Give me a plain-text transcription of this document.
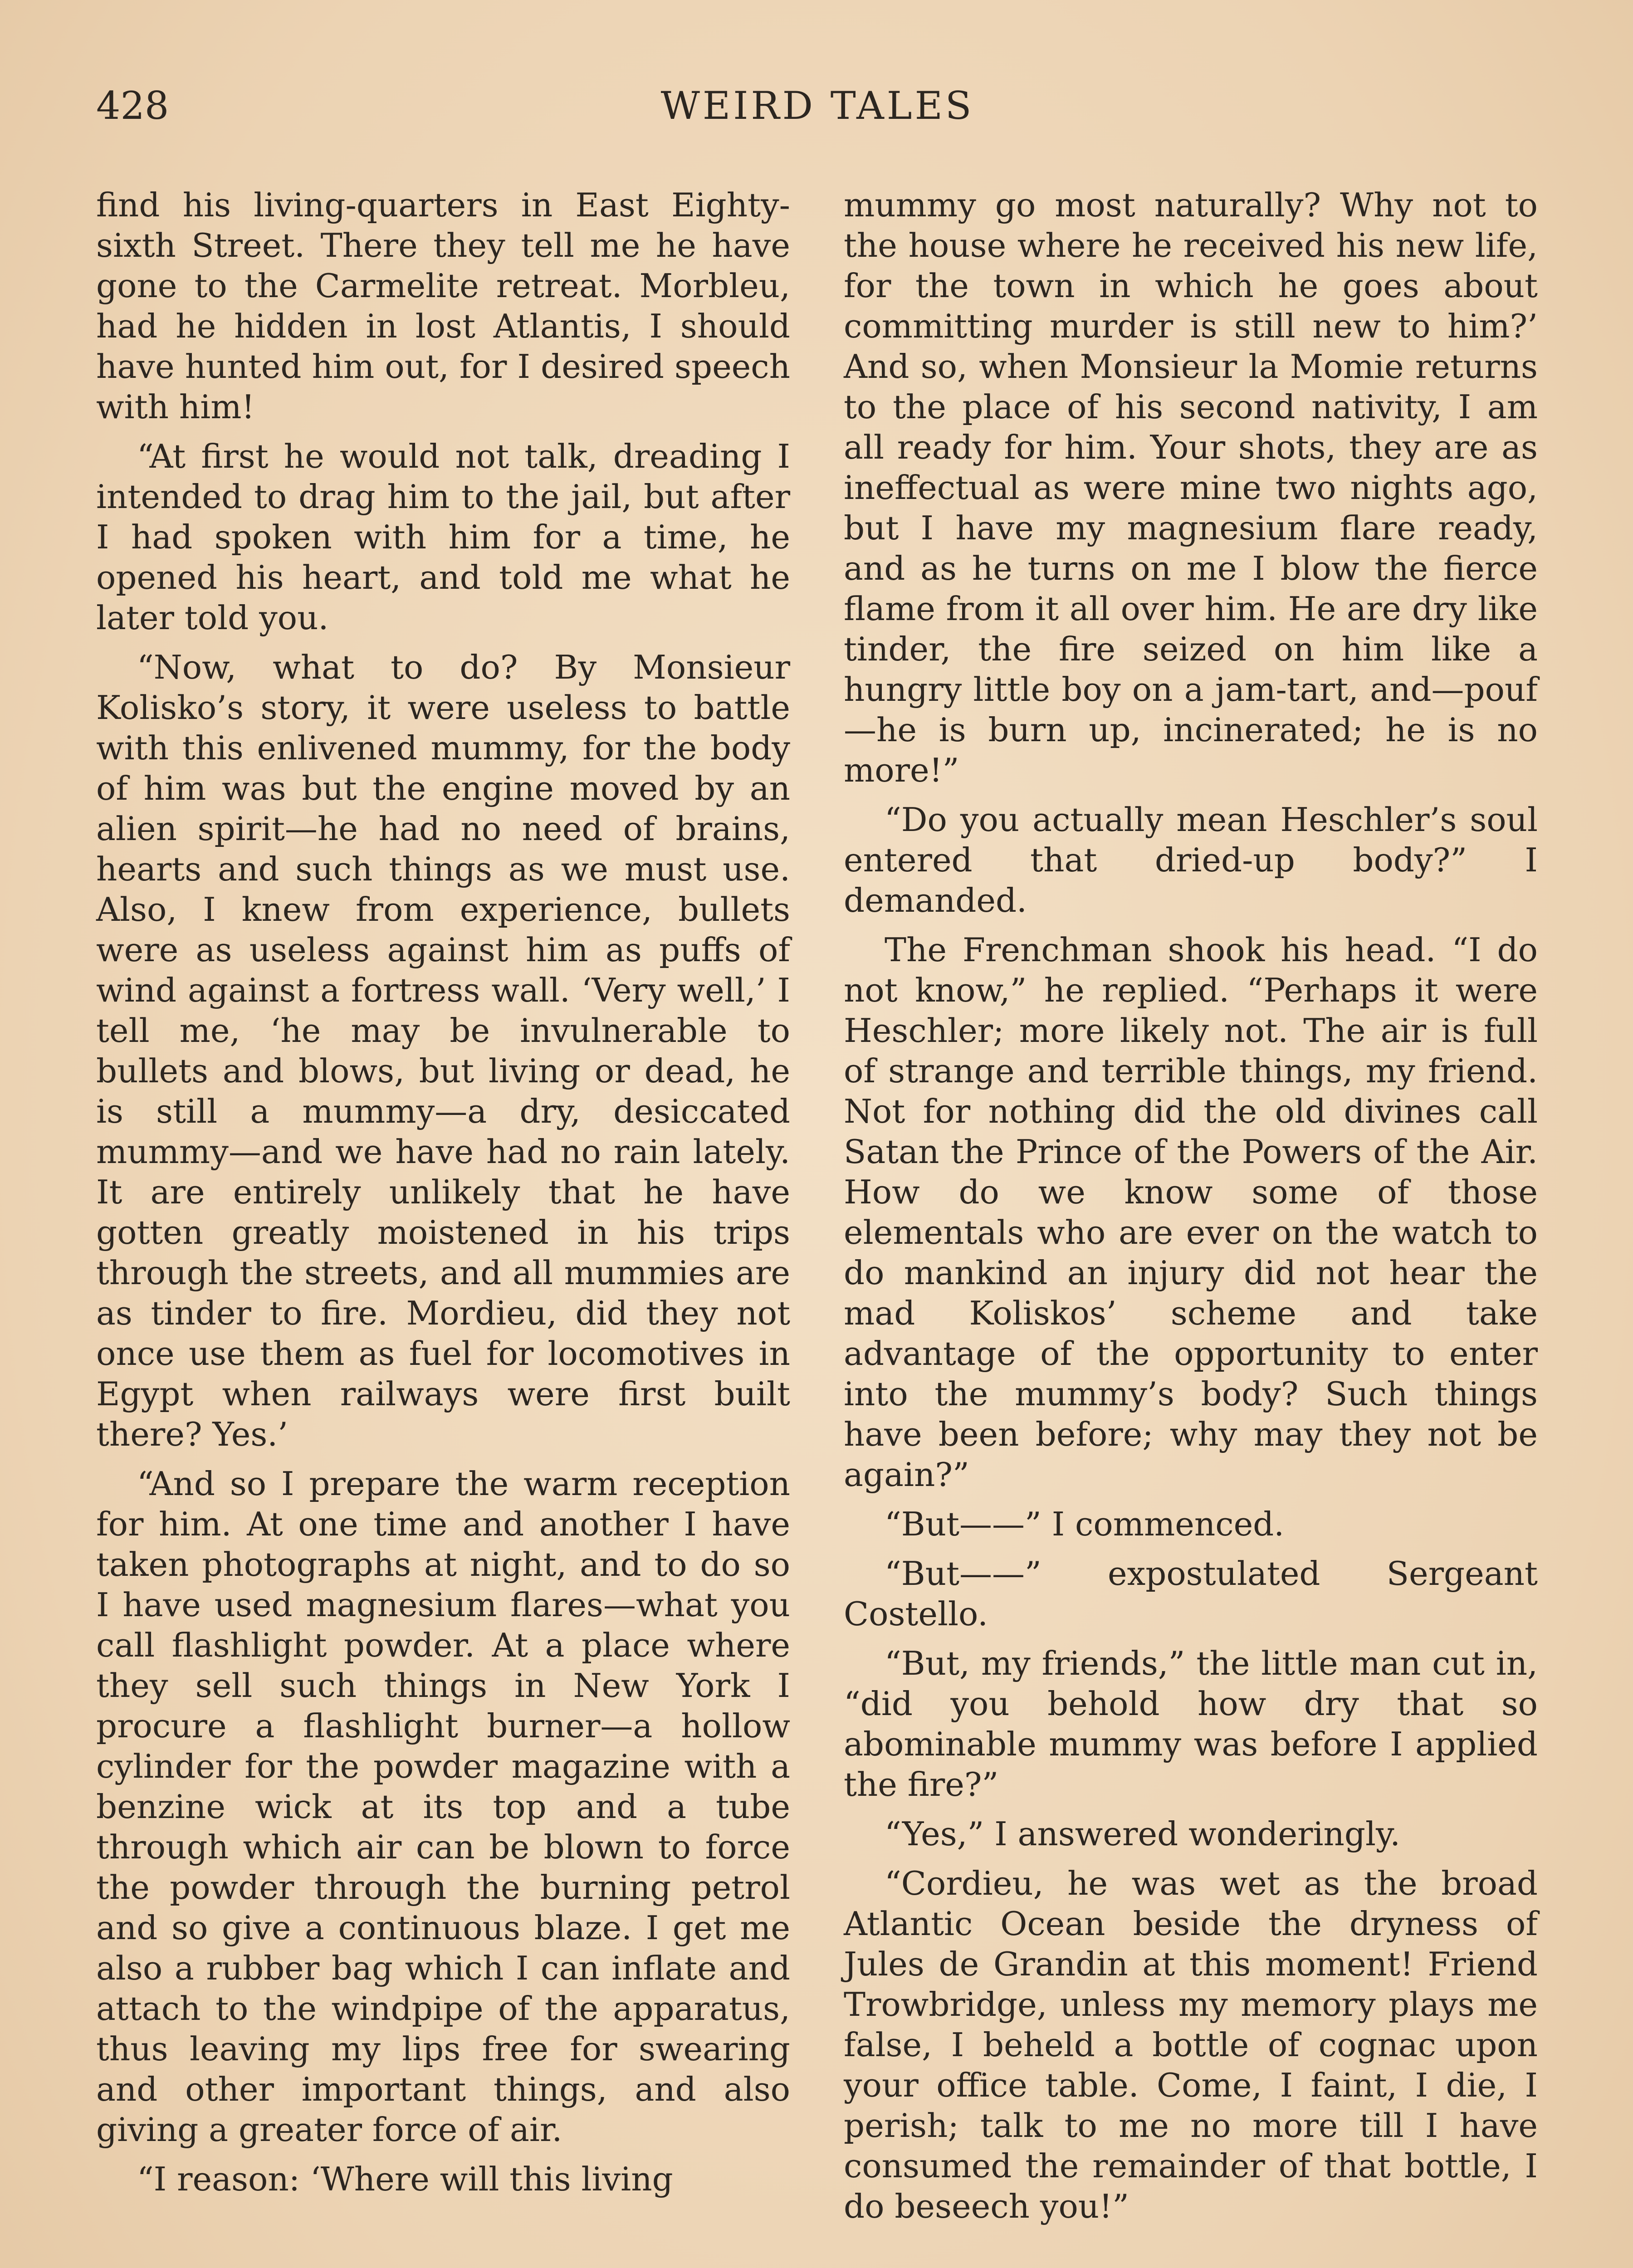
428	WEIRD TALES

find his living-quarters in East Eighty-sixth Street. There they tell me he have gone to the Carmelite retreat. Morbleu, had he hidden in lost Atlantis, I should have hunted him out, for I desired speech with him!

“At first he would not talk, dreading I intended to drag him to the jail, but after I had spoken with him for a time, he opened his heart, and told me what he later told you.

“Now, what to do? By Monsieur Kolisko’s story, it were useless to battle with this enlivened mummy, for the body of him was but the engine moved by an alien spirit—he had no need of brains, hearts and such things as we must use. Also, I knew from experience, bullets were as useless against him as puffs of wind against a fortress wall. ‘Very well,’ I tell me, ‘he may be invulnerable to bullets and blows, but living or dead, he is still a mummy—a dry, desiccated mummy—and we have had no rain lately. It are entirely unlikely that he have gotten greatly moistened in his trips through the streets, and all mummies are as tinder to fire. Mordieu, did they not once use them as fuel for locomotives in Egypt when railways were first built there? Yes.’

“And so I prepare the warm reception for him. At one time and another I have taken photographs at night, and to do so I have used magnesium flares—what you call flashlight powder. At a place where they sell such things in New York I procure a flashlight burner—a hollow cylinder for the powder magazine with a benzine wick at its top and a tube through which air can be blown to force the powder through the burning petrol and so give a continuous blaze. I get me also a rubber bag which I can inflate and attach to the windpipe of the apparatus, thus leaving my lips free for swearing and other important things, and also giving a greater force of air.

“I reason: ‘Where will this living

mummy go most naturally? Why not to the house where he received his new life, for the town in which he goes about committing murder is still new to him?’ And so, when Monsieur la Momie returns to the place of his second nativity, I am all ready for him. Your shots, they are as ineffectual as were mine two nights ago, but I have my magnesium flare ready, and as he turns on me I blow the fierce flame from it all over him. He are dry like tinder, the fire seized on him like a hungry little boy on a jam-tart, and—pouf—he is burn up, incinerated; he is no more!”

“Do you actually mean Heschler’s soul entered that dried-up body?” I demanded.

The Frenchman shook his head. “I do not know,” he replied. “Perhaps it were Heschler; more likely not. The air is full of strange and terrible things, my friend. Not for nothing did the old divines call Satan the Prince of the Powers of the Air. How do we know some of those elementals who are ever on the watch to do mankind an injury did not hear the mad Koliskos’ scheme and take advantage of the opportunity to enter into the mummy’s body? Such things have been before; why may they not be again?”

“But——” I commenced.

“But——” expostulated Sergeant Costello.

“But, my friends,” the little man cut in, “did you behold how dry that so abominable mummy was before I applied the fire?”

“Yes,” I answered wonderingly.

“Cordieu, he was wet as the broad Atlantic Ocean beside the dryness of Jules de Grandin at this moment! Friend Trowbridge, unless my memory plays me false, I beheld a bottle of cognac upon your office table. Come, I faint, I die, I perish; talk to me no more till I have consumed the remainder of that bottle, I do beseech you!”
